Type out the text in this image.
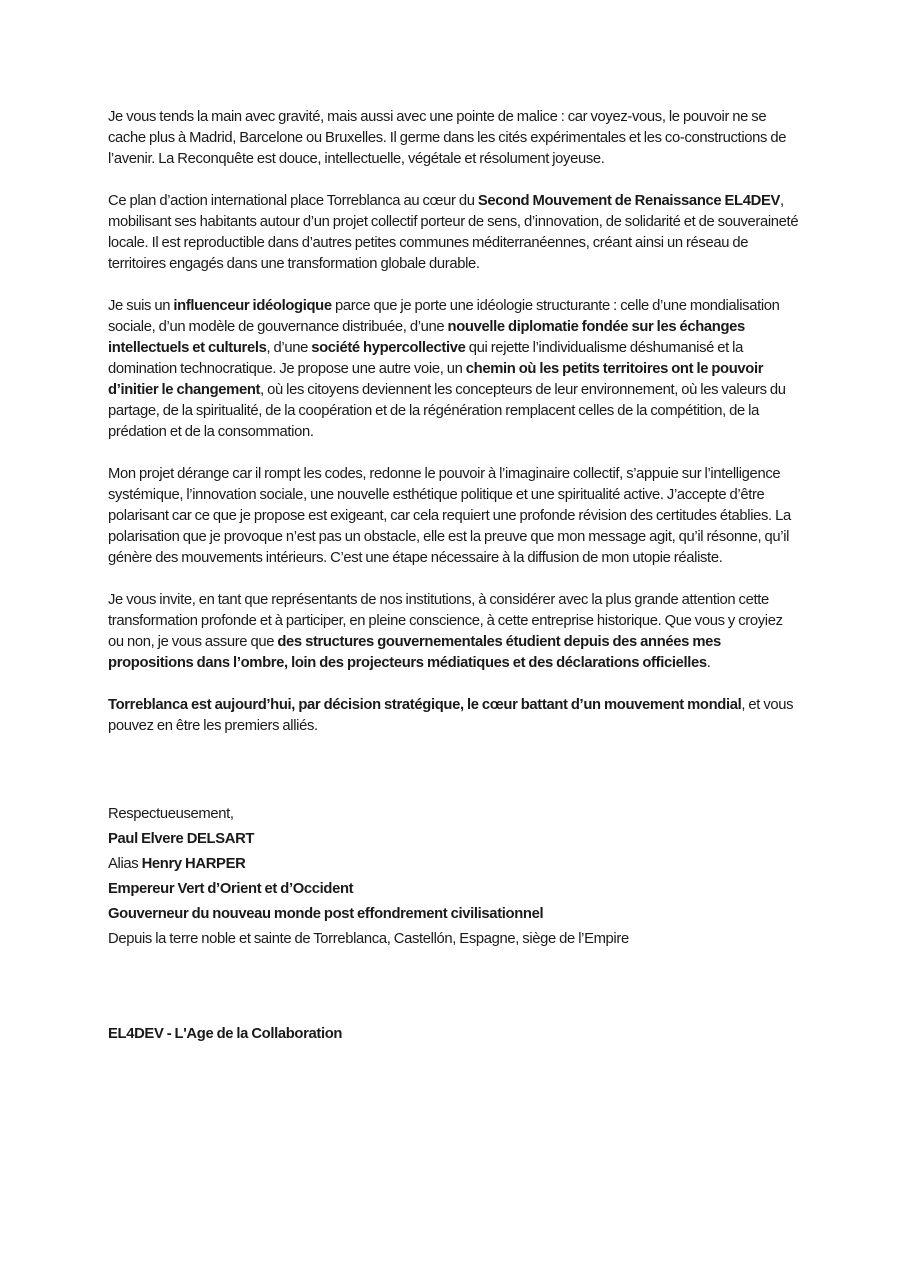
Je vous tends la main avec gravité, mais aussi avec une pointe de malice : car voyez-vous, le pouvoir ne se cache plus à Madrid, Barcelone ou Bruxelles. Il germe dans les cités expérimentales et les co-constructions de l’avenir. La Reconquête est douce, intellectuelle, végétale et résolument joyeuse.

Ce plan d’action international place Torreblanca au cœur du Second Mouvement de Renaissance EL4DEV, mobilisant ses habitants autour d’un projet collectif porteur de sens, d’innovation, de solidarité et de souveraineté locale. Il est reproductible dans d’autres petites communes méditerranéennes, créant ainsi un réseau de territoires engagés dans une transformation globale durable.

Je suis un influenceur idéologique parce que je porte une idéologie structurante : celle d’une mondialisation sociale, d’un modèle de gouvernance distribuée, d’une nouvelle diplomatie fondée sur les échanges intellectuels et culturels, d’une société hypercollective qui rejette l’individualisme déshumanisé et la domination technocratique. Je propose une autre voie, un chemin où les petits territoires ont le pouvoir d’initier le changement, où les citoyens deviennent les concepteurs de leur environnement, où les valeurs du partage, de la spiritualité, de la coopération et de la régénération remplacent celles de la compétition, de la prédation et de la consommation.

Mon projet dérange car il rompt les codes, redonne le pouvoir à l’imaginaire collectif, s’appuie sur l’intelligence systémique, l’innovation sociale, une nouvelle esthétique politique et une spiritualité active. J’accepte d’être polarisant car ce que je propose est exigeant, car cela requiert une profonde révision des certitudes établies. La polarisation que je provoque n’est pas un obstacle, elle est la preuve que mon message agit, qu’il résonne, qu’il génère des mouvements intérieurs. C’est une étape nécessaire à la diffusion de mon utopie réaliste.

Je vous invite, en tant que représentants de nos institutions, à considérer avec la plus grande attention cette transformation profonde et à participer, en pleine conscience, à cette entreprise historique. Que vous y croyiez ou non, je vous assure que des structures gouvernementales étudient depuis des années mes propositions dans l’ombre, loin des projecteurs médiatiques et des déclarations officielles.

Torreblanca est aujourd’hui, par décision stratégique, le cœur battant d’un mouvement mondial, et vous pouvez en être les premiers alliés.

Respectueusement,
Paul Elvere DELSART
Alias Henry HARPER
Empereur Vert d’Orient et d’Occident
Gouverneur du nouveau monde post effondrement civilisationnel
Depuis la terre noble et sainte de Torreblanca, Castellón, Espagne, siège de l’Empire
EL4DEV - L'Age de la Collaboration
